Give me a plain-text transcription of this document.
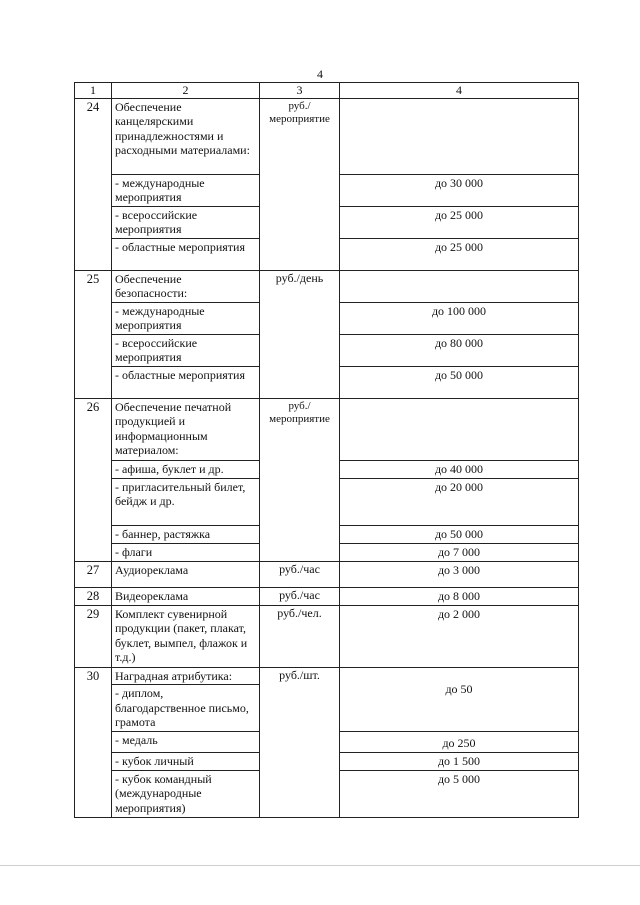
4
1	2	3	4
24	Обеспечение канцелярскими принадлежностями и расходными материалами:	руб./ мероприятие	
	- международные мероприятия		до 30 000
	- всероссийские мероприятия		до 25 000
	- областные мероприятия		до 25 000
25	Обеспечение безопасности:	руб./день	
	- международные мероприятия		до 100 000
	- всероссийские мероприятия		до 80 000
	- областные мероприятия		до 50 000
26	Обеспечение печатной продукцией и информационным материалом:	руб./ мероприятие	
	- афиша, буклет и др.		до 40 000
	- пригласительный билет, бейдж и др.		до 20 000
	- баннер, растяжка		до 50 000
	- флаги		до 7 000
27	Аудиореклама	руб./час	до 3 000
28	Видеореклама	руб./час	до 8 000
29	Комплект сувенирной продукции (пакет, плакат, буклет, вымпел, флажок и т.д.)	руб./чел.	до 2 000
30	Наградная атрибутика:	руб./шт.	до 50
	- диплом, благодарственное письмо, грамота		
	- медаль		до 250
	- кубок личный		до 1 500
	- кубок командный (международные мероприятия)		до 5 000
